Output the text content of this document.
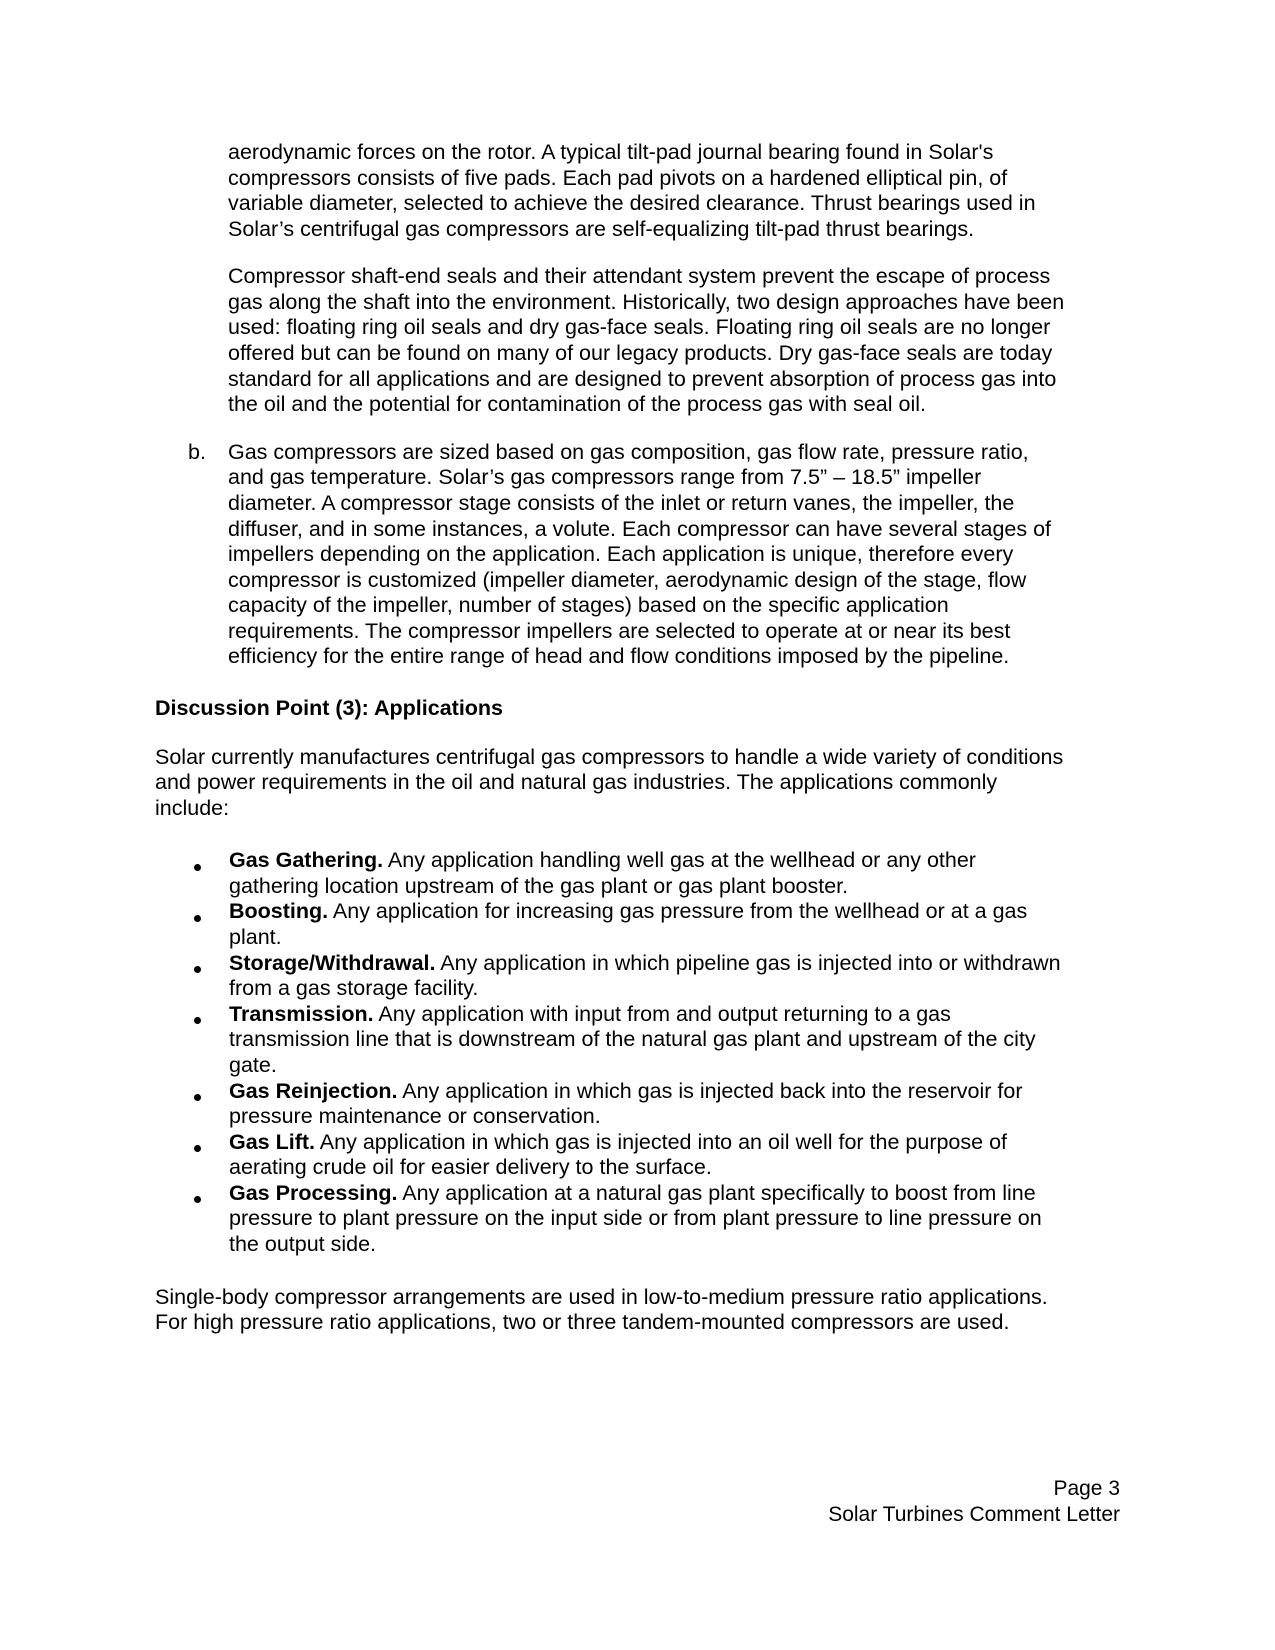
aerodynamic forces on the rotor. A typical tilt-pad journal bearing found in Solar's compressors consists of five pads. Each pad pivots on a hardened elliptical pin, of variable diameter, selected to achieve the desired clearance. Thrust bearings used in Solar’s centrifugal gas compressors are self-equalizing tilt-pad thrust bearings.

Compressor shaft-end seals and their attendant system prevent the escape of process gas along the shaft into the environment. Historically, two design approaches have been used: floating ring oil seals and dry gas-face seals. Floating ring oil seals are no longer offered but can be found on many of our legacy products. Dry gas-face seals are today standard for all applications and are designed to prevent absorption of process gas into the oil and the potential for contamination of the process gas with seal oil.

b.	Gas compressors are sized based on gas composition, gas flow rate, pressure ratio, and gas temperature. Solar’s gas compressors range from 7.5” – 18.5” impeller diameter. A compressor stage consists of the inlet or return vanes, the impeller, the diffuser, and in some instances, a volute. Each compressor can have several stages of impellers depending on the application. Each application is unique, therefore every compressor is customized (impeller diameter, aerodynamic design of the stage, flow capacity of the impeller, number of stages) based on the specific application requirements. The compressor impellers are selected to operate at or near its best efficiency for the entire range of head and flow conditions imposed by the pipeline.
Discussion Point (3): Applications

Solar currently manufactures centrifugal gas compressors to handle a wide variety of conditions and power requirements in the oil and natural gas industries. The applications commonly include:

Gas Gathering. Any application handling well gas at the wellhead or any other gathering location upstream of the gas plant or gas plant booster.
Boosting. Any application for increasing gas pressure from the wellhead or at a gas plant.
Storage/Withdrawal. Any application in which pipeline gas is injected into or withdrawn from a gas storage facility.
Transmission. Any application with input from and output returning to a gas transmission line that is downstream of the natural gas plant and upstream of the city gate.
Gas Reinjection. Any application in which gas is injected back into the reservoir for pressure maintenance or conservation.
Gas Lift. Any application in which gas is injected into an oil well for the purpose of aerating crude oil for easier delivery to the surface.
Gas Processing. Any application at a natural gas plant specifically to boost from line pressure to plant pressure on the input side or from plant pressure to line pressure on the output side.

Single-body compressor arrangements are used in low-to-medium pressure ratio applications. For high pressure ratio applications, two or three tandem-mounted compressors are used.

Page 3
Solar Turbines Comment Letter
